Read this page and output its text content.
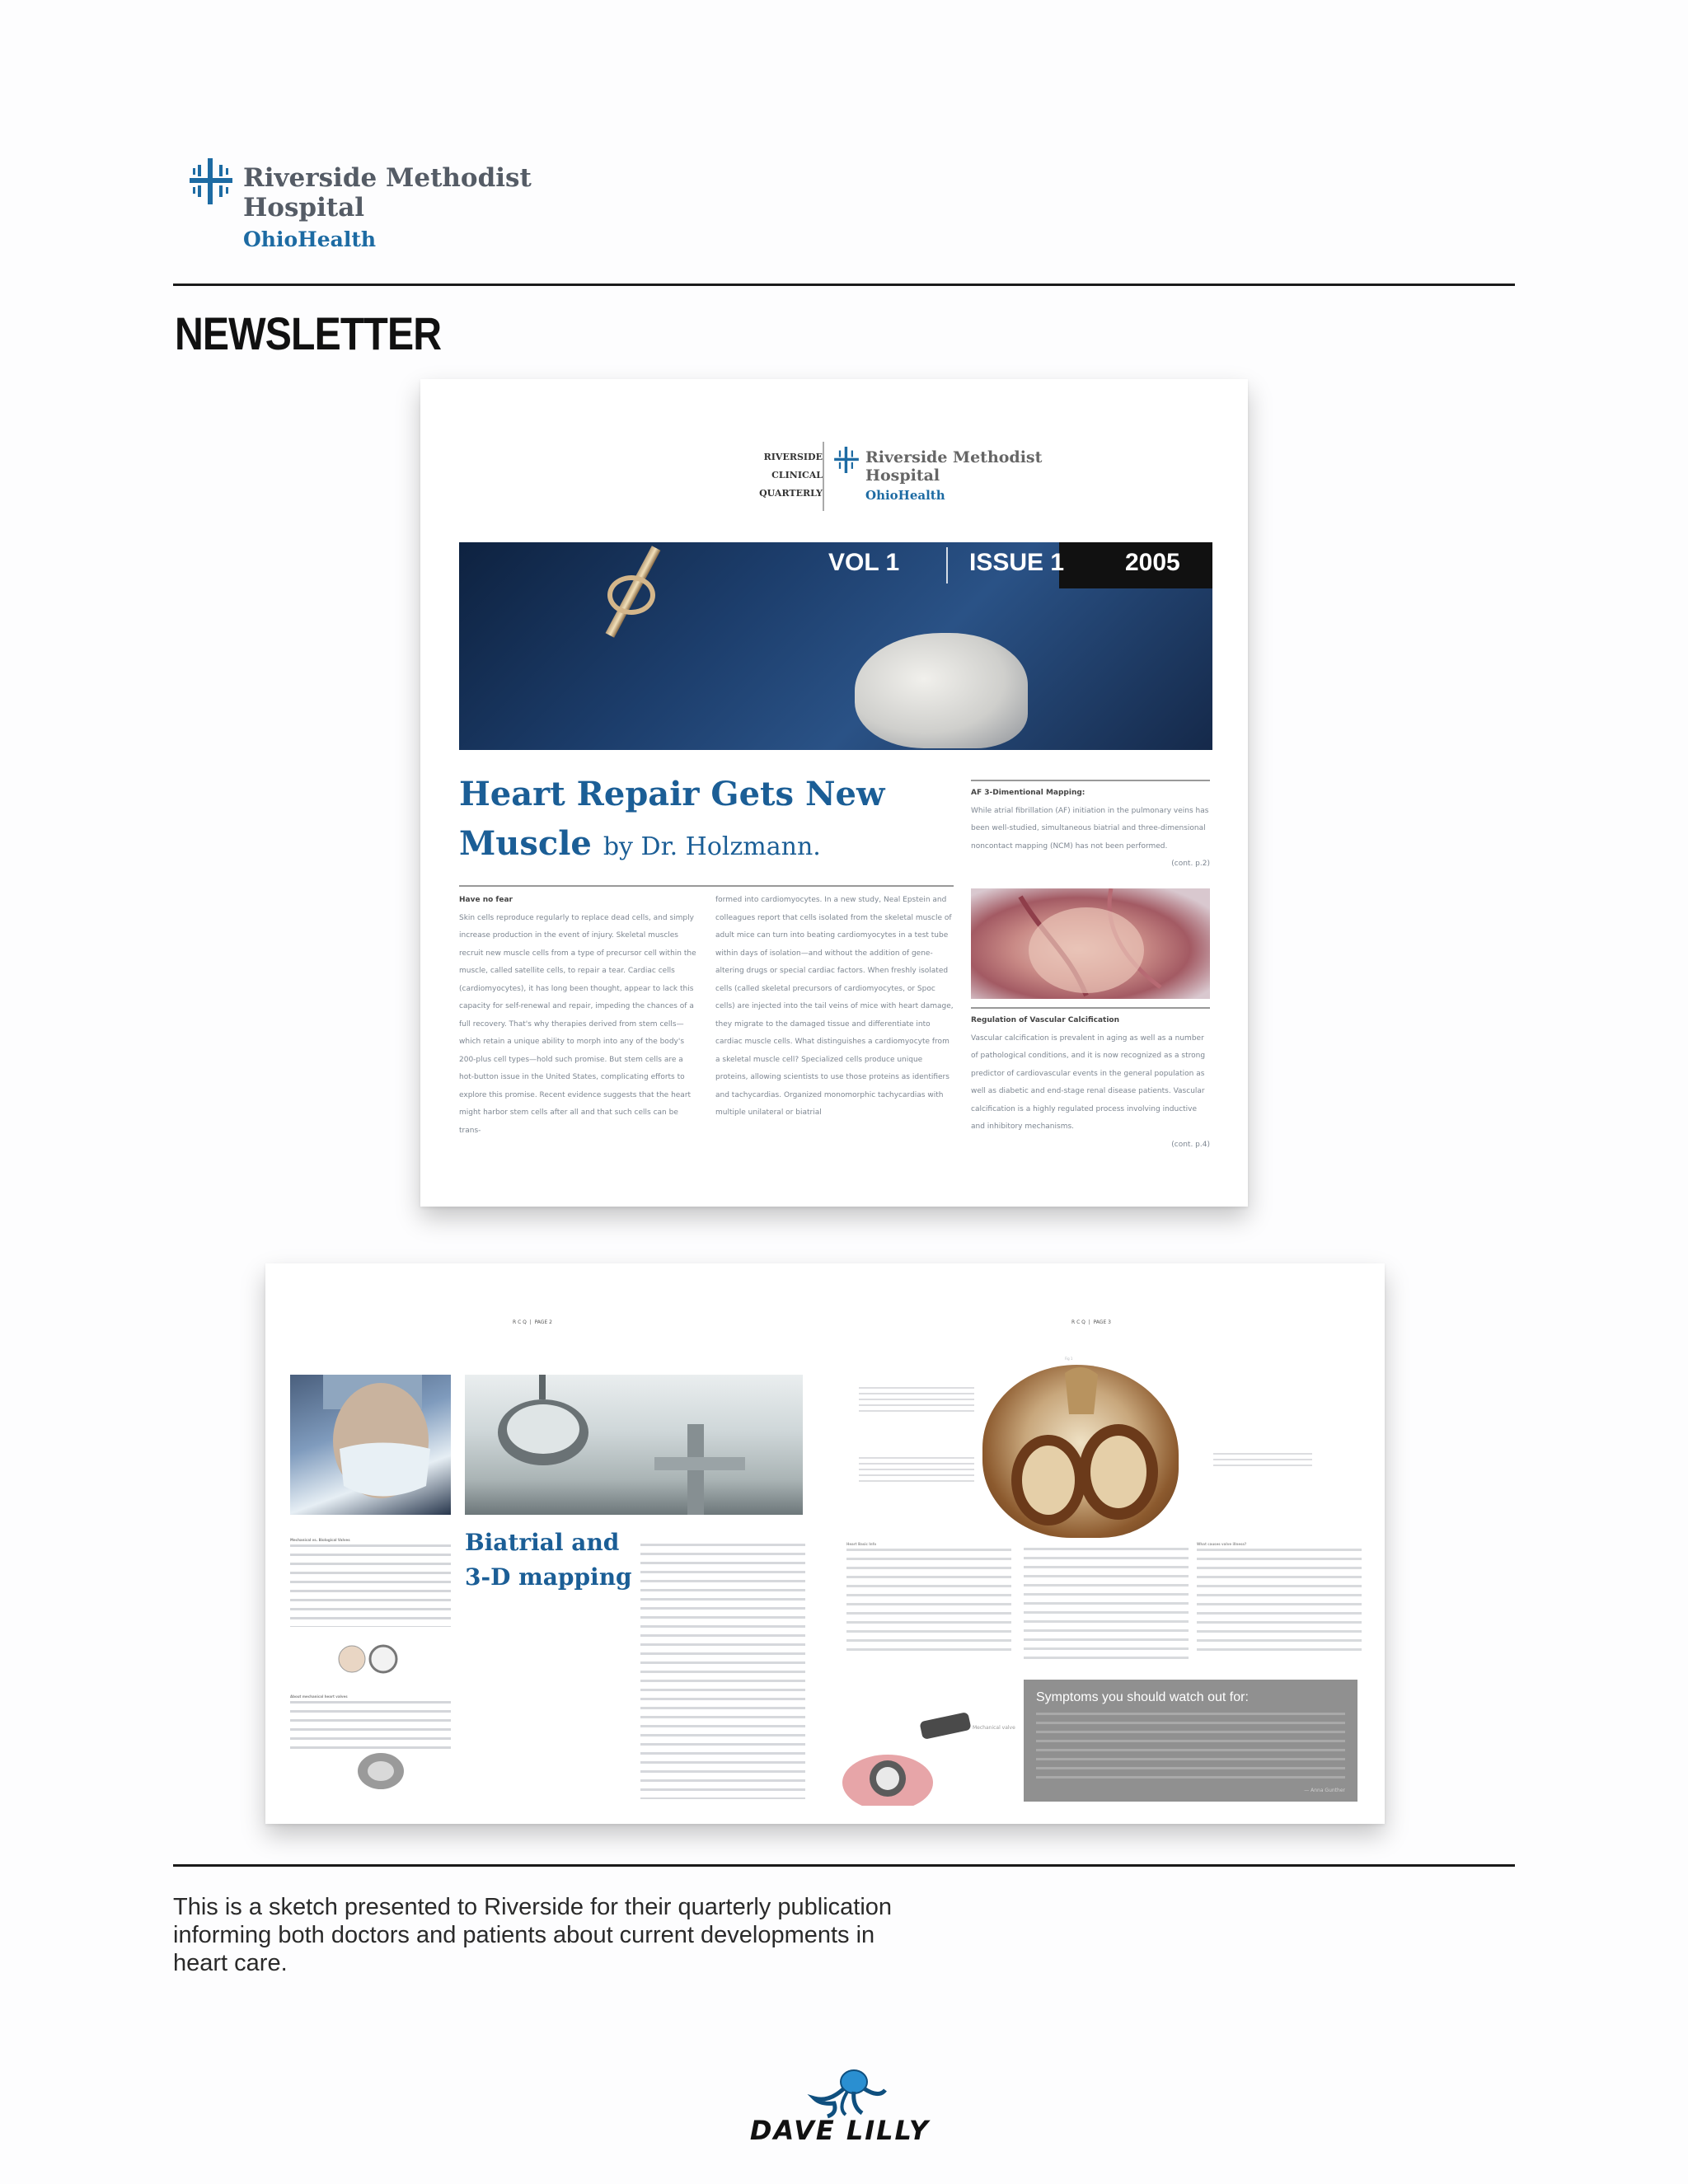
Riverside Methodist
Hospital
OhioHealth
NEWSLETTER
RIVERSIDE
CLINICAL
QUARTERLY
Riverside Methodist
Hospital
OhioHealth
VOL 1	ISSUE 1 2005
Heart Repair Gets New
Muscle by Dr. Holzmann.
Have no fear
Skin cells reproduce regularly to replace dead cells, and simply increase production in the event of injury. Skeletal muscles recruit new muscle cells from a type of precursor cell within the muscle, called satellite cells, to repair a tear. Cardiac cells (cardiomyocytes), it has long been thought, appear to lack this capacity for self-renewal and repair, impeding the chances of a full recovery. That's why therapies derived from stem cells—which retain a unique ability to morph into any of the body's 200-plus cell types—hold such promise. But stem cells are a hot-button issue in the United States, complicating efforts to explore this promise. Recent evidence suggests that the heart might harbor stem cells after all and that such cells can be trans-
formed into cardiomyocytes. In a new study, Neal Epstein and colleagues report that cells isolated from the skeletal muscle of adult mice can turn into beating cardiomyocytes in a test tube within days of isolation—and without the addition of gene-altering drugs or special cardiac factors. When freshly isolated cells (called skeletal precursors of cardiomyocytes, or Spoc cells) are injected into the tail veins of mice with heart damage, they migrate to the damaged tissue and differentiate into cardiac muscle cells. What distinguishes a cardiomyocyte from a skeletal muscle cell? Specialized cells produce unique proteins, allowing scientists to use those proteins as identifiers and tachycardias. Organized monomorphic tachycardias with multiple unilateral or biatrial
AF 3-Dimentional Mapping:
While atrial fibrillation (AF) initiation in the pulmonary veins has been well-studied, simultaneous biatrial and three-dimensional noncontact mapping (NCM) has not been performed.
(cont. p.2)
Regulation of Vascular Calcification
Vascular calcification is prevalent in aging as well as a number of pathological conditions, and it is now recognized as a strong predictor of cardiovascular events in the general population as well as diabetic and end-stage renal disease patients. Vascular calcification is a highly regulated process involving inductive and inhibitory mechanisms.
(cont. p.4)
R C Q  |  PAGE 2	R C Q  |  PAGE 3
Biatrial and
3-D mapping
Mechanical vs. Biological Valves
About mechanical heart valves
Fig 1
Heart Basic Info	What causes valve illness?
Mechanical valve
— Anna Gunther
Symptoms you should watch out for:
This is a sketch presented to Riverside for their quarterly publication informing both doctors and patients about current developments in heart care.
DAVE LILLY
